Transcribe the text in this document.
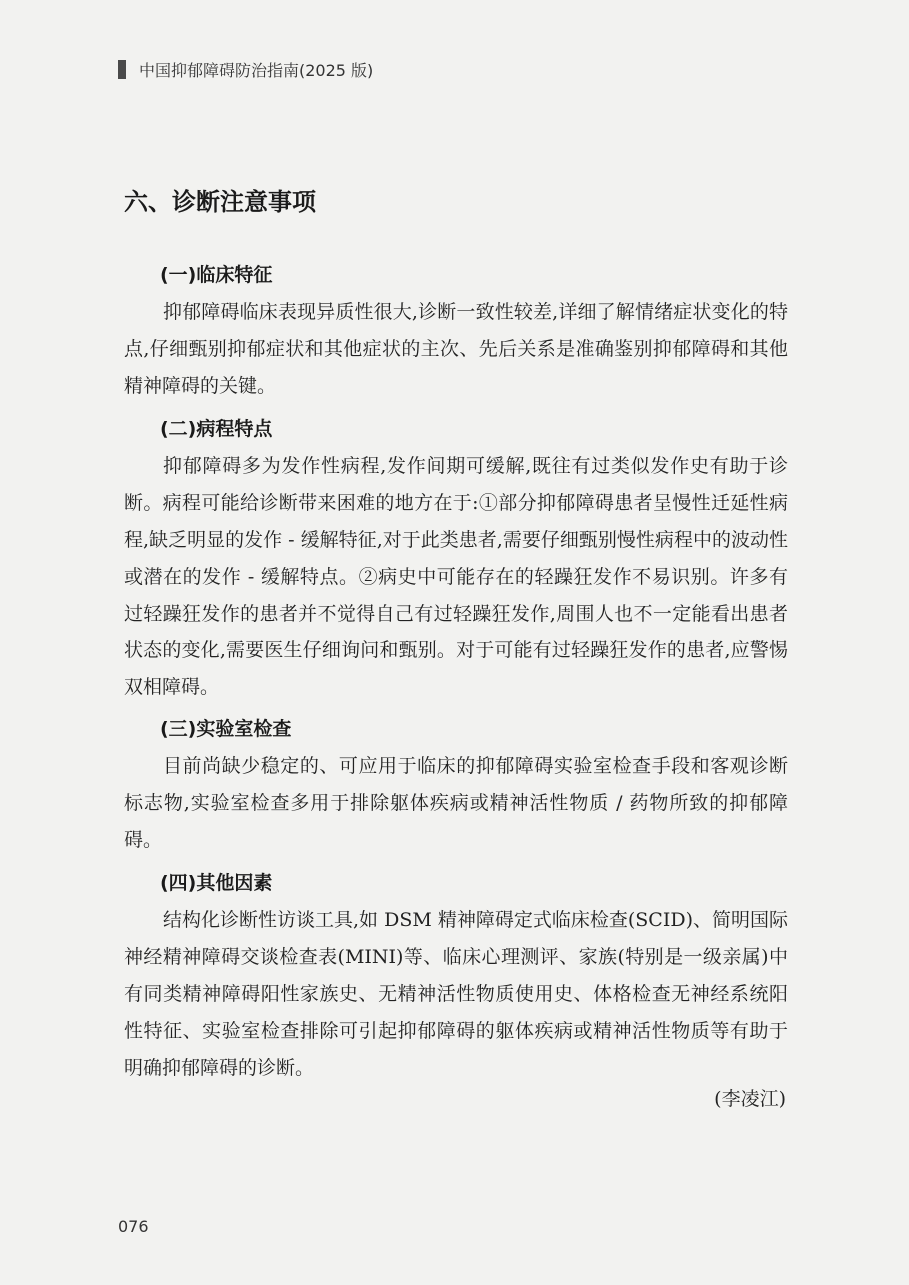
中国抑郁障碍防治指南(2025 版)
六、诊断注意事项
(一)临床特征

抑郁障碍临床表现异质性很大,诊断一致性较差,详细了解情绪症状变化的特点,仔细甄别抑郁症状和其他症状的主次、先后关系是准确鉴别抑郁障碍和其他精神障碍的关键。

(二)病程特点

抑郁障碍多为发作性病程,发作间期可缓解,既往有过类似发作史有助于诊断。病程可能给诊断带来困难的地方在于:①部分抑郁障碍患者呈慢性迁延性病程,缺乏明显的发作 - 缓解特征,对于此类患者,需要仔细甄别慢性病程中的波动性或潜在的发作 - 缓解特点。②病史中可能存在的轻躁狂发作不易识别。许多有过轻躁狂发作的患者并不觉得自己有过轻躁狂发作,周围人也不一定能看出患者状态的变化,需要医生仔细询问和甄别。对于可能有过轻躁狂发作的患者,应警惕双相障碍。

(三)实验室检查

目前尚缺少稳定的、可应用于临床的抑郁障碍实验室检查手段和客观诊断标志物,实验室检查多用于排除躯体疾病或精神活性物质 / 药物所致的抑郁障碍。

(四)其他因素

结构化诊断性访谈工具,如 DSM 精神障碍定式临床检查(SCID)、简明国际神经精神障碍交谈检查表(MINI)等、临床心理测评、家族(特别是一级亲属)中有同类精神障碍阳性家族史、无精神活性物质使用史、体格检查无神经系统阳性特征、实验室检查排除可引起抑郁障碍的躯体疾病或精神活性物质等有助于明确抑郁障碍的诊断。

(李凌江)

076
